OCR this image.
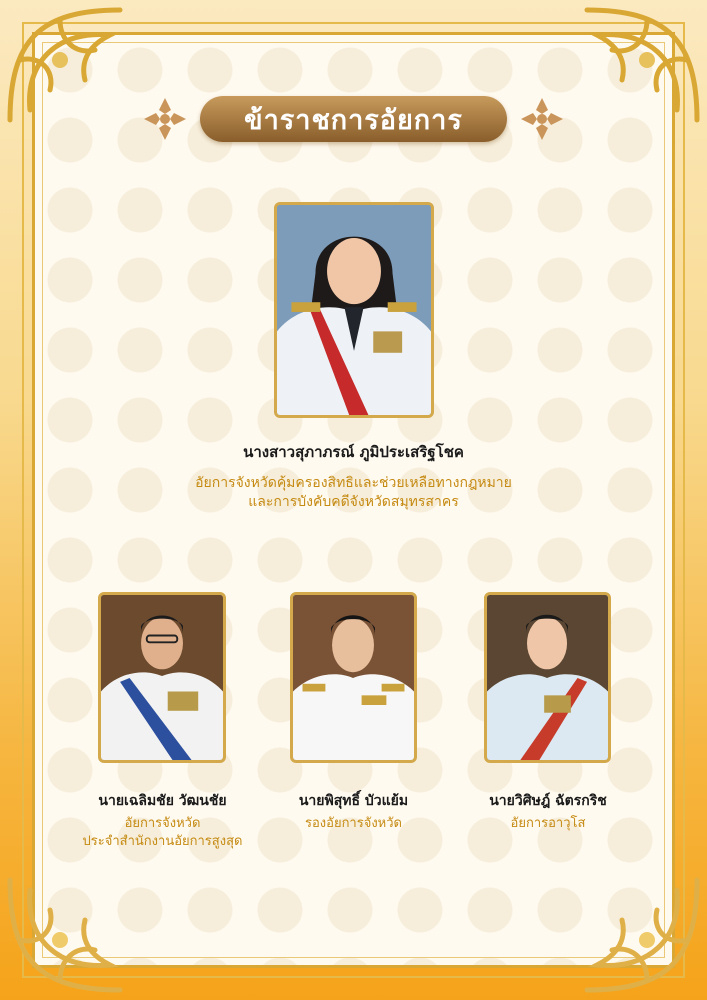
ข้าราชการอัยการ
นางสาวสุภาภรณ์ ภูมิประเสริฐโชค
อัยการจังหวัดคุ้มครองสิทธิและช่วยเหลือทางกฎหมาย
และการบังคับคดีจังหวัดสมุทรสาคร
นายเฉลิมชัย วัฒนชัย
อัยการจังหวัด
ประจำสำนักงานอัยการสูงสุด
นายพิสุทธิ์ บัวแย้ม
รองอัยการจังหวัด
นายวิศิษฎ์ ฉัตรกริช
อัยการอาวุโส
